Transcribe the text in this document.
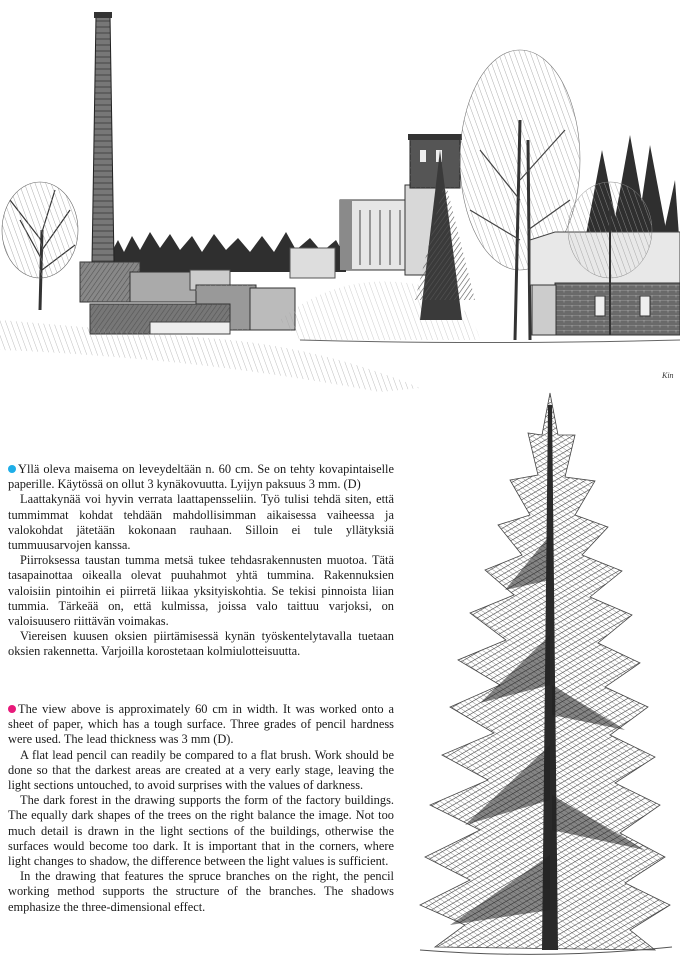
Kin

Yllä oleva maisema on leveydeltään n. 60 cm. Se on tehty kovapintaiselle paperille. Käytössä on ollut 3 kynäkovuutta. Lyijyn paksuus 3 mm. (D)

Laattakynää voi hyvin verrata laattapensseliin. Työ tulisi tehdä siten, että tummimmat kohdat tehdään mahdollisimman aikaisessa vaiheessa ja valokohdat jätetään kokonaan rauhaan. Silloin ei tule yllätyksiä tummuusarvojen kanssa.

Piirroksessa taustan tumma metsä tukee tehdasrakennusten muotoa. Tätä tasapainottaa oikealla olevat puuhahmot yhtä tummina. Rakennuksien valoisiin pintoihin ei piirretä liikaa yksityiskohtia. Se tekisi pinnoista liian tummia. Tärkeää on, että kulmissa, joissa valo taittuu varjoksi, on valoisuusero riittävän voimakas.

Viereisen kuusen oksien piirtämisessä kynän työskentelytavalla tuetaan oksien rakennetta. Varjoilla korostetaan kolmiulotteisuutta.

The view above is approximately 60 cm in width. It was worked onto a sheet of paper, which has a tough surface. Three grades of pencil hardness were used. The lead thickness was 3 mm (D).

A flat lead pencil can readily be compared to a flat brush. Work should be done so that the darkest areas are created at a very early stage, leaving the light sections untouched, to avoid surprises with the values of darkness.

The dark forest in the drawing supports the form of the factory buildings. The equally dark shapes of the trees on the right balance the image. Not too much detail is drawn in the light sections of the buildings, otherwise the surfaces would become too dark. It is important that in the corners, where light changes to shadow, the difference between the light values is sufficient.

In the drawing that features the spruce branches on the right, the pencil working method supports the structure of the branches. The shadows emphasize the three-dimensional effect.
